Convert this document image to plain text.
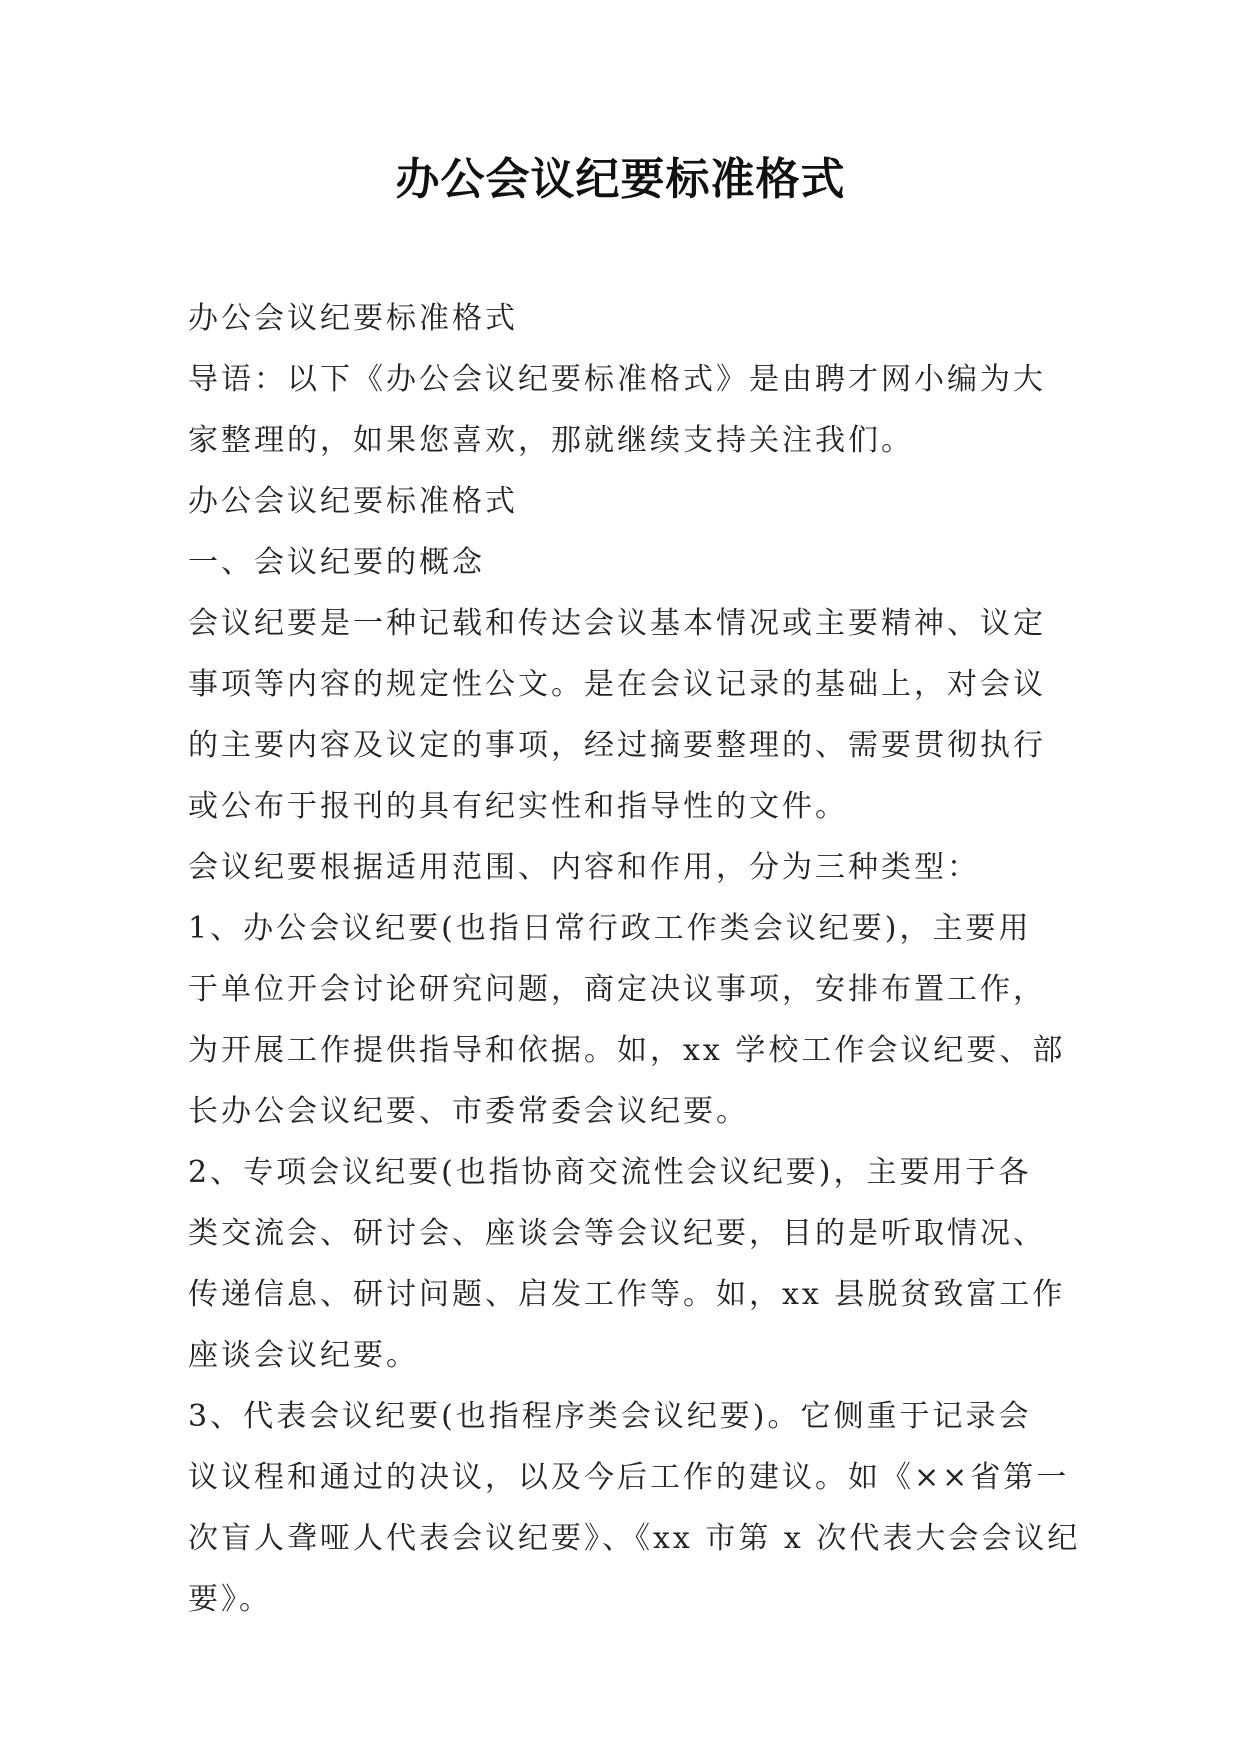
办公会议纪要标准格式

办公会议纪要标准格式

导语：以下《办公会议纪要标准格式》是由聘才网小编为大

家整理的，如果您喜欢，那就继续支持关注我们。

办公会议纪要标准格式

一、会议纪要的概念

会议纪要是一种记载和传达会议基本情况或主要精神、议定

事项等内容的规定性公文。是在会议记录的基础上，对会议

的主要内容及议定的事项，经过摘要整理的、需要贯彻执行

或公布于报刊的具有纪实性和指导性的文件。

会议纪要根据适用范围、内容和作用，分为三种类型：

1、办公会议纪要(也指日常行政工作类会议纪要)，主要用

于单位开会讨论研究问题，商定决议事项，安排布置工作，

为开展工作提供指导和依据。如，xx 学校工作会议纪要、部

长办公会议纪要、市委常委会议纪要。

2、专项会议纪要(也指协商交流性会议纪要)，主要用于各

类交流会、研讨会、座谈会等会议纪要，目的是听取情况、

传递信息、研讨问题、启发工作等。如，xx 县脱贫致富工作

座谈会议纪要。

3、代表会议纪要(也指程序类会议纪要)。它侧重于记录会

议议程和通过的决议，以及今后工作的建议。如《××省第一

次盲人聋哑人代表会议纪要》、《xx 市第 x 次代表大会会议纪

要》。
